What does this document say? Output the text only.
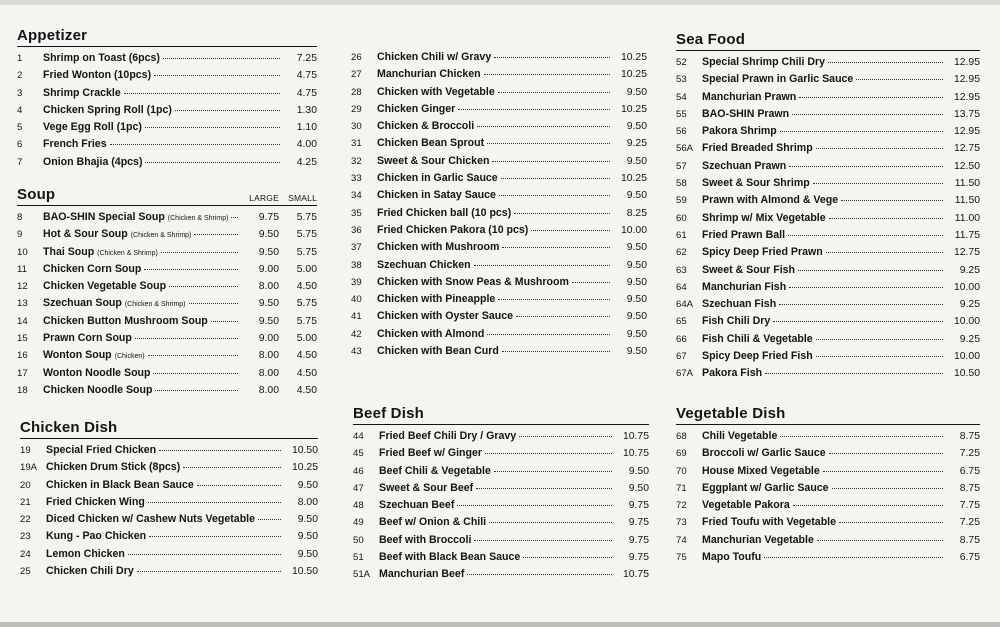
Appetizer
1	Shrimp on Toast (6pcs)	7.25
2	Fried Wonton (10pcs)	4.75
3	Shrimp Crackle	4.75
4	Chicken Spring Roll (1pc)	1.30
5	Vege Egg Roll (1pc)	1.10
6	French Fries	4.00
7	Onion Bhajia (4pcs)	4.25
Soup	LARGE	SMALL
8	BAO-SHIN Special Soup (Chicken & Shrimp)	9.75	5.75
9	Hot & Sour Soup (Chicken & Shrimp)	9.50	5.75
10	Thai Soup (Chicken & Shrimp)	9.50	5.75
11	Chicken Corn Soup	9.00	5.00
12	Chicken Vegetable Soup	8.00	4.50
13	Szechuan Soup (Chicken & Shrimp)	9.50	5.75
14	Chicken Button Mushroom Soup	9.50	5.75
15	Prawn Corn Soup	9.00	5.00
16	Wonton Soup (Chicken)	8.00	4.50
17	Wonton Noodle Soup	8.00	4.50
18	Chicken Noodle Soup	8.00	4.50
Chicken Dish
19	Special Fried Chicken	10.50
19A Chicken Drum Stick (8pcs)	10.25
20	Chicken in Black Bean Sauce	9.50
21	Fried Chicken Wing	8.00
22	Diced Chicken w/ Cashew Nuts Vegetable	9.50
23	Kung - Pao Chicken	9.50
24	Lemon Chicken	9.50
25	Chicken Chili Dry	10.50
26	Chicken Chili w/ Gravy	10.25
27	Manchurian Chicken	10.25
28	Chicken with Vegetable	9.50
29	Chicken Ginger	10.25
30	Chicken & Broccoli	9.50
31	Chicken Bean Sprout	9.25
32	Sweet & Sour Chicken	9.50
33	Chicken in Garlic Sauce	10.25
34	Chicken in Satay Sauce	9.50
35	Fried Chicken ball (10 pcs)	8.25
36	Fried Chicken Pakora (10 pcs)	10.00
37	Chicken with Mushroom	9.50
38	Szechuan Chicken	9.50
39	Chicken with Snow Peas & Mushroom	9.50
40	Chicken with Pineapple	9.50
41	Chicken with Oyster Sauce	9.50
42	Chicken with Almond	9.50
43	Chicken with Bean Curd	9.50
Beef Dish
44	Fried Beef Chili Dry / Gravy	10.75
45	Fried Beef w/ Ginger	10.75
46	Beef Chili & Vegetable	9.50
47	Sweet & Sour Beef	9.50
48	Szechuan Beef	9.75
49	Beef w/ Onion & Chili	9.75
50	Beef with Broccoli	9.75
51	Beef with Black Bean Sauce	9.75
51A Manchurian Beef	10.75
Sea Food
52	Special Shrimp Chili Dry	12.95
53	Special Prawn in Garlic Sauce	12.95
54	Manchurian Prawn	12.95
55	BAO-SHIN Prawn	13.75
56	Pakora Shrimp	12.95
56A Fried Breaded Shrimp	12.75
57	Szechuan Prawn	12.50
58	Sweet & Sour Shrimp	11.50
59	Prawn with Almond & Vege	11.50
60	Shrimp w/ Mix Vegetable	11.00
61	Fried Prawn Ball	11.75
62	Spicy Deep Fried Prawn	12.75
63	Sweet & Sour Fish	9.25
64	Manchurian Fish	10.00
64A Szechuan Fish	9.25
65	Fish Chili Dry	10.00
66	Fish Chili & Vegetable	9.25
67	Spicy Deep Fried Fish	10.00
67A Pakora Fish	10.50
Vegetable Dish
68	Chili Vegetable	8.75
69	Broccoli w/ Garlic Sauce	7.25
70	House Mixed Vegetable	6.75
71	Eggplant w/ Garlic Sauce	8.75
72	Vegetable Pakora	7.75
73	Fried Toufu with Vegetable	7.25
74	Manchurian Vegetable	8.75
75	Mapo Toufu	6.75
